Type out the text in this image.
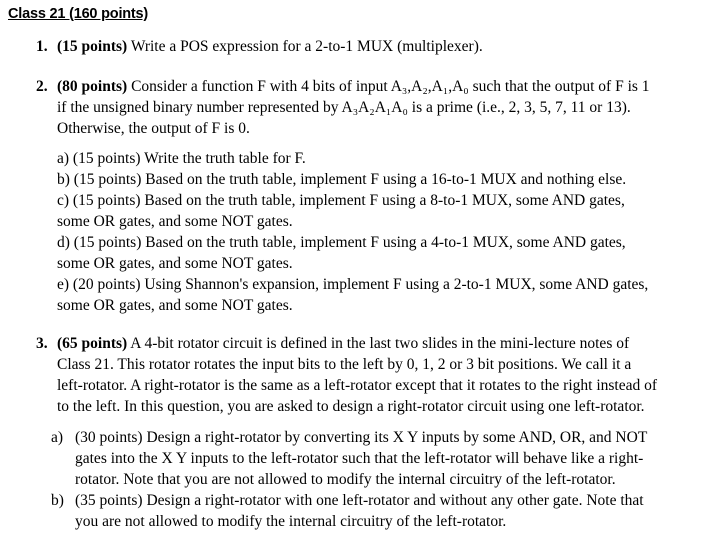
Class 21 (160 points)
1. (15 points) Write a POS expression for a 2-to-1 MUX (multiplexer).
2. (80 points) Consider a function F with 4 bits of input A₃,A₂,A₁,A₀ such that the output of F is 1

if the unsigned binary number represented by A₃A₂A₁A₀ is a prime (i.e., 2, 3, 5, 7, 11 or 13).

Otherwise, the output of F is 0.

a) (15 points) Write the truth table for F.
b) (15 points) Based on the truth table, implement F using a 16-to-1 MUX and nothing else.
c) (15 points) Based on the truth table, implement F using a 8-to-1 MUX, some AND gates,
some OR gates, and some NOT gates.
d) (15 points) Based on the truth table, implement F using a 4-to-1 MUX, some AND gates,
some OR gates, and some NOT gates.
e) (20 points) Using Shannon's expansion, implement F using a 2-to-1 MUX, some AND gates,
some OR gates, and some NOT gates.
3. (65 points) A 4-bit rotator circuit is defined in the last two slides in the mini-lecture notes of

Class 21. This rotator rotates the input bits to the left by 0, 1, 2 or 3 bit positions. We call it a

left-rotator. A right-rotator is the same as a left-rotator except that it rotates to the right instead of

to the left. In this question, you are asked to design a right-rotator circuit using one left-rotator.

a) (30 points) Design a right-rotator by converting its X Y inputs by some AND, OR, and NOT
gates into the X Y inputs to the left-rotator such that the left-rotator will behave like a right-
rotator. Note that you are not allowed to modify the internal circuitry of the left-rotator.
b) (35 points) Design a right-rotator with one left-rotator and without any other gate. Note that
you are not allowed to modify the internal circuitry of the left-rotator.
